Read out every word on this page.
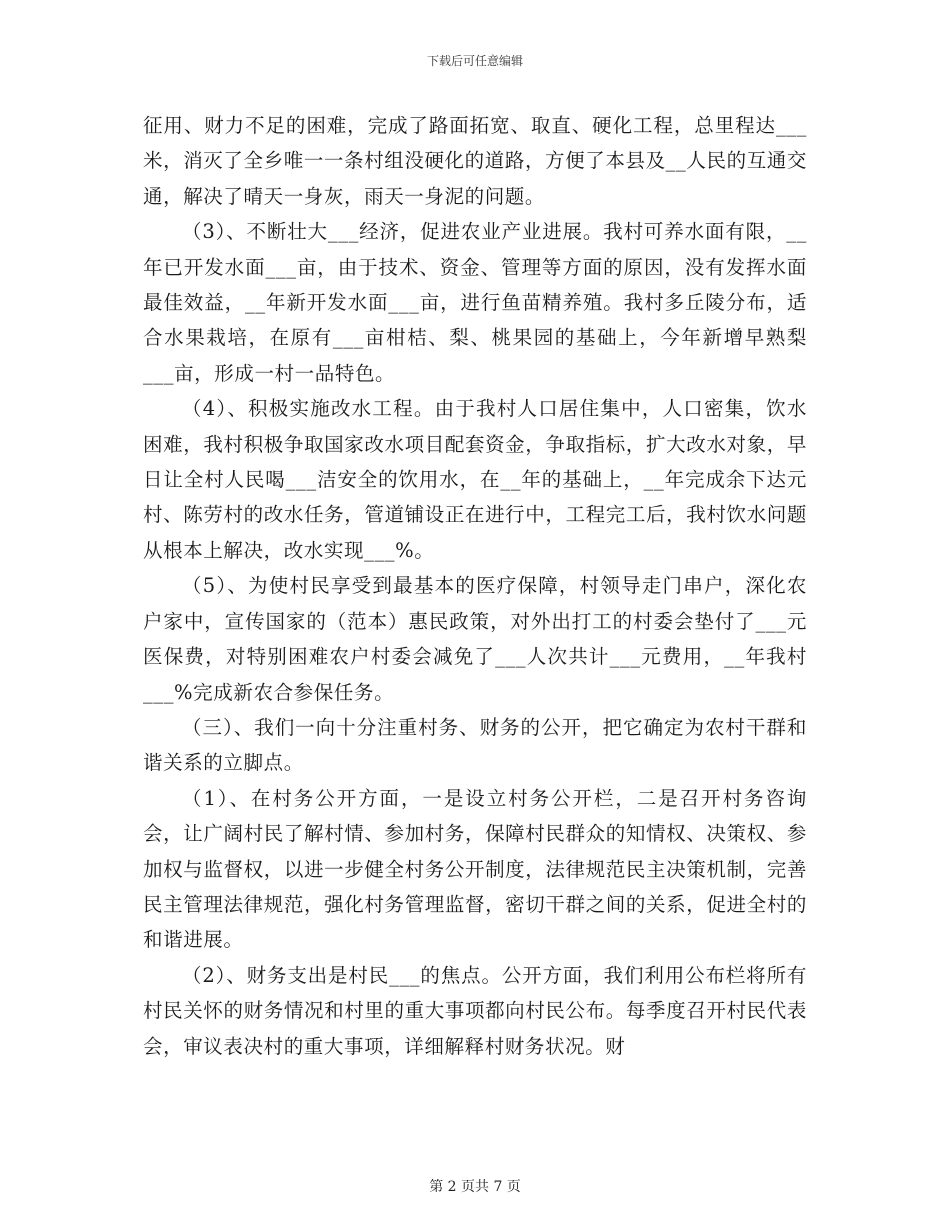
下载后可任意编辑

征用、财力不足的困难，完成了路面拓宽、取直、硬化工程，总里程达___米，消灭了全乡唯一一条村组没硬化的道路，方便了本县及__人民的互通交通，解决了晴天一身灰，雨天一身泥的问题。

（3）、不断壮大___经济，促进农业产业进展。我村可养水面有限，__年已开发水面___亩，由于技术、资金、管理等方面的原因，没有发挥水面最佳效益，__年新开发水面___亩，进行鱼苗精养殖。我村多丘陵分布，适合水果栽培，在原有___亩柑桔、梨、桃果园的基础上，今年新增早熟梨___亩，形成一村一品特色。

（4）、积极实施改水工程。由于我村人口居住集中，人口密集，饮水困难，我村积极争取国家改水项目配套资金，争取指标，扩大改水对象，早日让全村人民喝___洁安全的饮用水，在__年的基础上，__年完成余下达元村、陈劳村的改水任务，管道铺设正在进行中，工程完工后，我村饮水问题从根本上解决，改水实现___%。

（5）、为使村民享受到最基本的医疗保障，村领导走门串户，深化农户家中，宣传国家的（范本）惠民政策，对外出打工的村委会垫付了___元医保费，对特别困难农户村委会减免了___人次共计___元费用，__年我村___%完成新农合参保任务。

（三）、我们一向十分注重村务、财务的公开，把它确定为农村干群和谐关系的立脚点。

（1）、在村务公开方面，一是设立村务公开栏，二是召开村务咨询会，让广阔村民了解村情、参加村务，保障村民群众的知情权、决策权、参加权与监督权，以进一步健全村务公开制度，法律规范民主决策机制，完善民主管理法律规范，强化村务管理监督，密切干群之间的关系，促进全村的和谐进展。

（2）、财务支出是村民___的焦点。公开方面，我们利用公布栏将所有村民关怀的财务情况和村里的重大事项都向村民公布。每季度召开村民代表会，审议表决村的重大事项，详细解释村财务状况。财

第 2 页共 7 页
